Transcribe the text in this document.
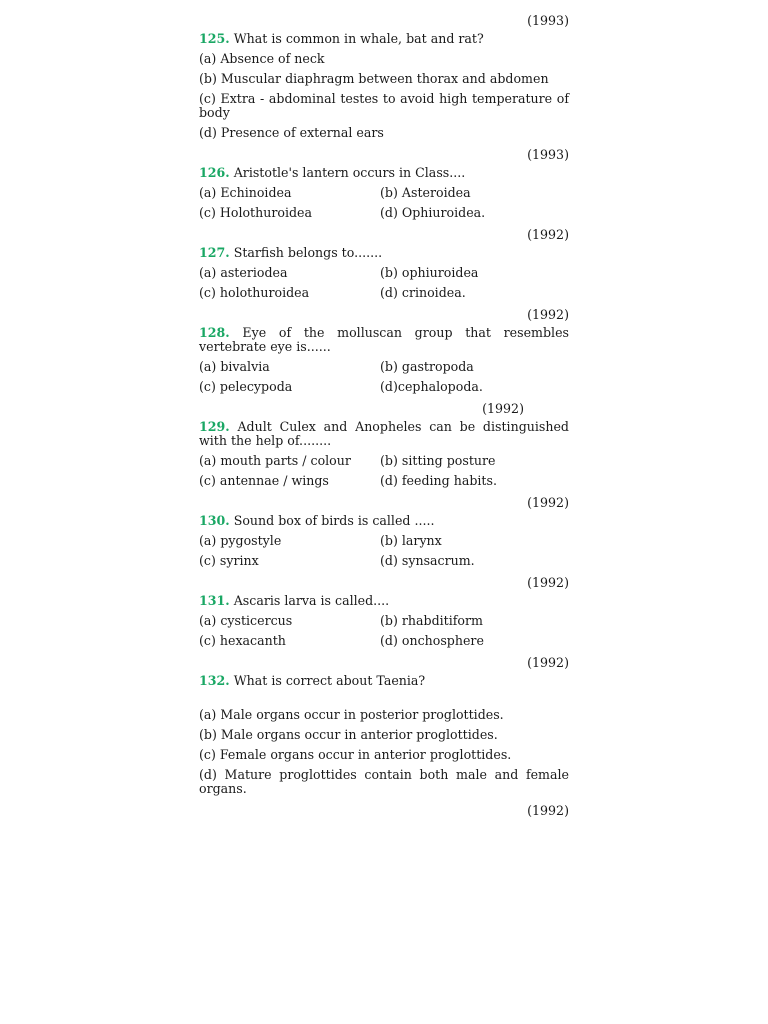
(1993)
125. What is common in whale, bat and rat?
(a) Absence of neck
(b) Muscular diaphragm between thorax and abdomen
(c) Extra - abdominal testes to avoid high temperature of body
(d) Presence of external ears
(1993)
126. Aristotle's lantern occurs in Class....
(a) Echinoidea	(b) Asteroidea
(c) Holothuroidea	(d) Ophiuroidea.
(1992)
127. Starfish belongs to.......
(a) asteriodea	(b) ophiuroidea
(c) holothuroidea	(d) crinoidea.
(1992)
128. Eye of the molluscan group that resembles vertebrate eye is......
(a) bivalvia	(b) gastropoda
(c) pelecypoda	(d)cephalopoda.
(1992)
129. Adult Culex and Anopheles can be distinguished with the help of........
(a) mouth parts / colour	(b) sitting posture
(c) antennae / wings	(d) feeding habits.
(1992)
130. Sound box of birds is called .....
(a) pygostyle	(b) larynx
(c) syrinx	(d) synsacrum.
(1992)
131. Ascaris larva is called....
(a) cysticercus	(b) rhabditiform
(c) hexacanth	(d) onchosphere
(1992)
132. What is correct about Taenia?
(a) Male organs occur in posterior proglottides.
(b) Male organs occur in anterior proglottides.
(c) Female organs occur in anterior proglottides.
(d) Mature proglottides contain both male and female organs.
(1992)
